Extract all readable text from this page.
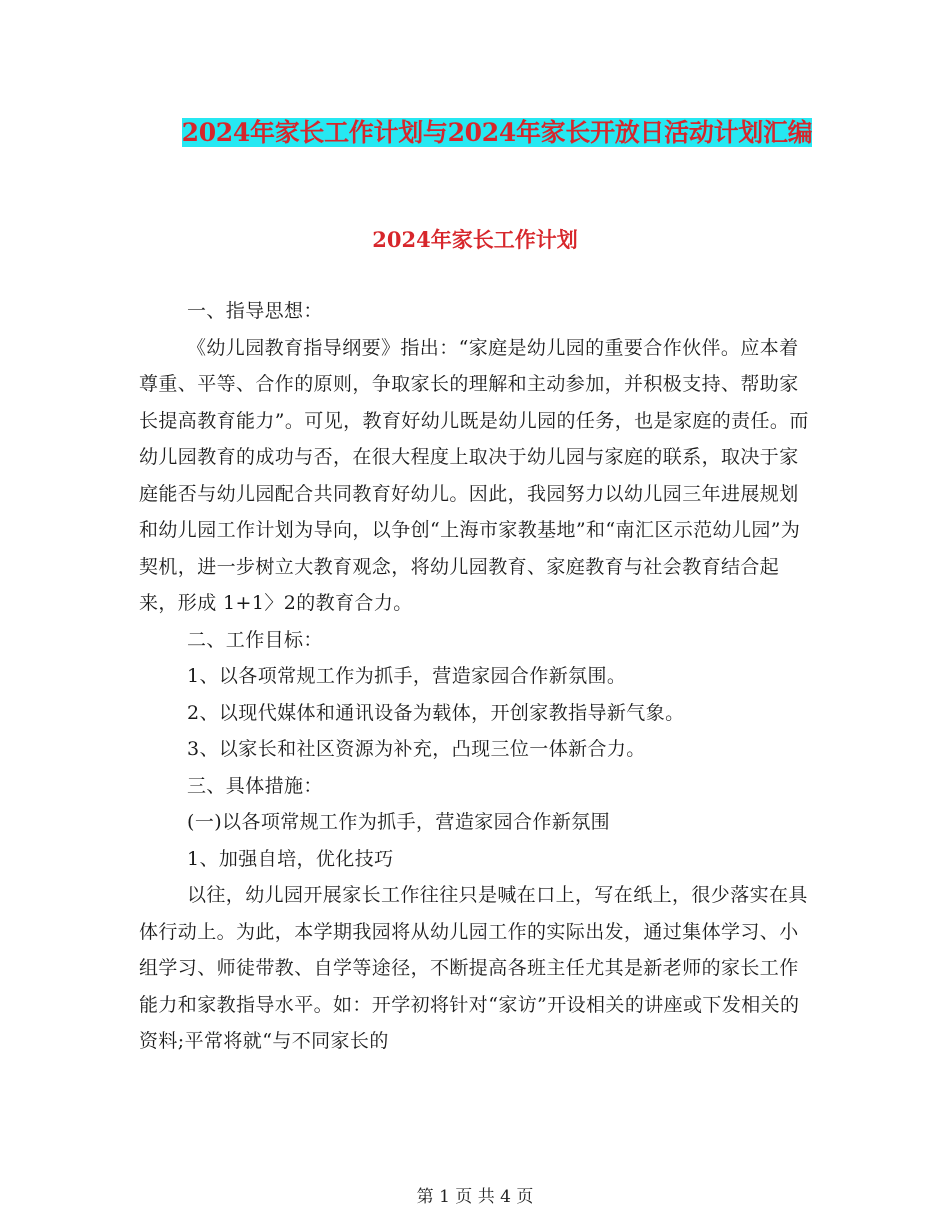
2024年家长工作计划与2024年家长开放日活动计划汇编
2024年家长工作计划

一、指导思想：

《幼儿园教育指导纲要》指出：“家庭是幼儿园的重要合作伙伴。应本着尊重、平等、合作的原则，争取家长的理解和主动参加，并积极支持、帮助家长提高教育能力”。可见，教育好幼儿既是幼儿园的任务，也是家庭的责任。而幼儿园教育的成功与否，在很大程度上取决于幼儿园与家庭的联系，取决于家庭能否与幼儿园配合共同教育好幼儿。因此，我园努力以幼儿园三年进展规划和幼儿园工作计划为导向，以争创“上海市家教基地”和“南汇区示范幼儿园”为契机，进一步树立大教育观念，将幼儿园教育、家庭教育与社会教育结合起来，形成 1+1〉2的教育合力。

二、工作目标：

1、以各项常规工作为抓手，营造家园合作新氛围。

2、以现代媒体和通讯设备为载体，开创家教指导新气象。

3、以家长和社区资源为补充，凸现三位一体新合力。

三、具体措施：

(一)以各项常规工作为抓手，营造家园合作新氛围

1、加强自培，优化技巧

以往，幼儿园开展家长工作往往只是喊在口上，写在纸上，很少落实在具体行动上。为此，本学期我园将从幼儿园工作的实际出发，通过集体学习、小组学习、师徒带教、自学等途径，不断提高各班主任尤其是新老师的家长工作能力和家教指导水平。如：开学初将针对“家访”开设相关的讲座或下发相关的资料;平常将就“与不同家长的

第 1 页 共 4 页
